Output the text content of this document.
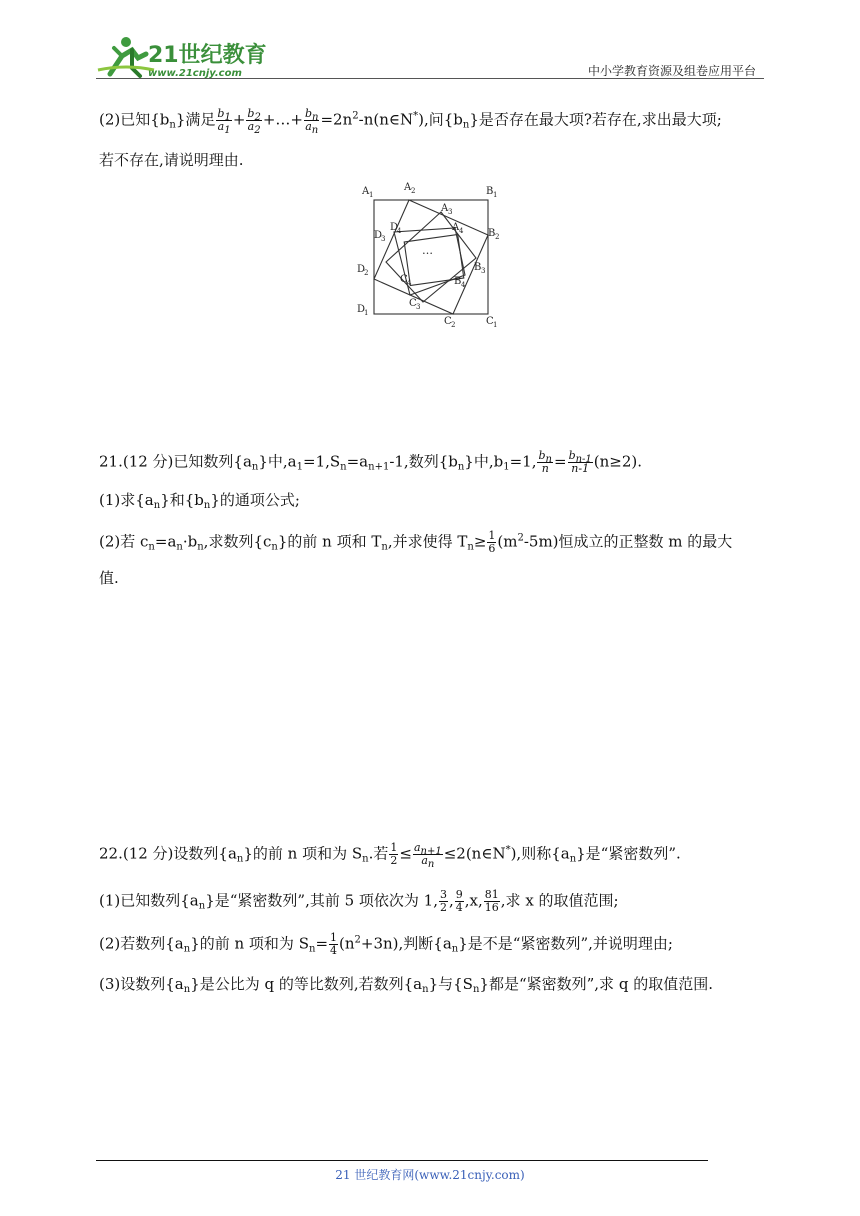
21世纪教育
www.21cnjy.com	中小学教育资源及组卷应用平台
(2)已知$\{b_n\}$满足 $\frac{b_1}{a_1} + \frac{b_2}{a_2}$ +…+ $\frac{b_n}{a_n}$ $=2n^2-n(n\in N^*)$,问$\{b_n\}$是否存在最大项?若存在,求出最大项;
若不存在,请说明理由.
A 1
A 2	B 1
A 3
D
4	A 4 B 2
D
3
D
2	B 3
C 4	B 4
C 3
D
1
C 2	C 1
…
21.(12 分)已知数列$\{a_n\}$中$,a_1=1,S_n=a_{n+1}-1$,数列$\{b_n\}$中$,b_1=1$, $\frac{b_n}{n} = \frac{b_{n-1}}{n-1} (n\ge 2)$.
(1)求$\{a_n\}$和$\{b_n\}$的通项公式;
(2)若 $c_n=a_n\cdot b_n$,求数列$\{c_n\}$的前 n 项和 $T_n$,并求使得 $T_n\ge \frac{1}{6} (m^2-5m)$恒成立的正整数 m 的最大
值.
22.(12 分)设数列$\{a_n\}$的前 n 项和为 $S_n$.若 $\frac{1}{2} \le \frac{a_{n+1}}{a_n}$ ≤2(n∈N*),则称$\{a_n\}$是“紧密数列”.
(1)已知数列$\{a_n\}$是“紧密数列”,其前 5 项依次为 1, $\frac{3}{2}$ , $\frac{9}{4} ,x$, $\frac{81}{16}$ ,求 x 的取值范围;
(2)若数列$\{a_n\}$的前 n 项和为 $S_n= \frac{1}{4} (n^2+3n)$,判断$\{a_n\}$是不是“紧密数列”,并说明理由;
(3)设数列$\{a_n\}$是公比为 q 的等比数列,若数列$\{a_n\}$与$\{S_n\}$都是“紧密数列”,求 q 的取值范围.
21 世纪教育网(www.21cnjy.com)
